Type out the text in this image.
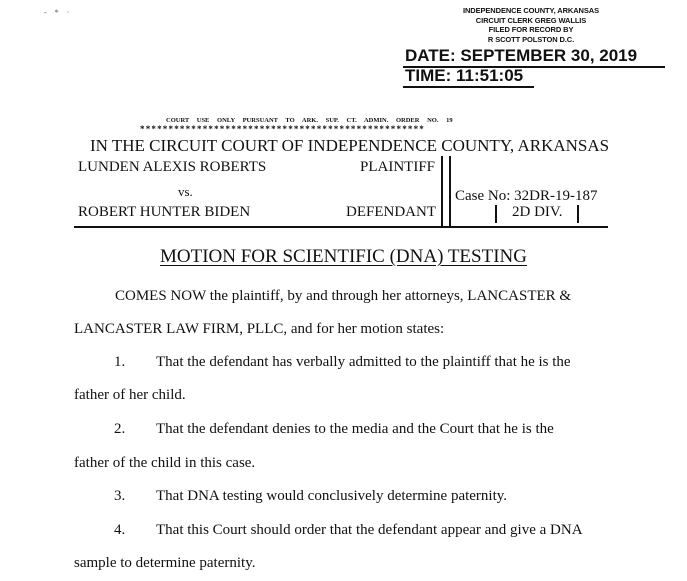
- * ·	INDEPENDENCE COUNTY, ARKANSAS
CIRCUIT CLERK GREG WALLIS
FILED FOR RECORD BY
R SCOTT POLSTON D.C.
DATE: SEPTEMBER 30, 2019
TIME: 11:51:05
COURT USE ONLY PURSUANT TO ARK. SUP. CT. ADMIN. ORDER NO. 19
**************************************************
IN THE CIRCUIT COURT OF INDEPENDENCE COUNTY, ARKANSAS
LUNDEN ALEXIS ROBERTS	PLAINTIFF
vs.
ROBERT HUNTER BIDEN	DEFENDANT
Case No: 32DR-19-187
2D DIV.
MOTION FOR SCIENTIFIC (DNA) TESTING
COMES NOW the plaintiff, by and through her attorneys, LANCASTER &
LANCASTER LAW FIRM, PLLC, and for her motion states:
1. That the defendant has verbally admitted to the plaintiff that he is the
father of her child.
2. That the defendant denies to the media and the Court that he is the
father of the child in this case.
3. That DNA testing would conclusively determine paternity.
4. That this Court should order that the defendant appear and give a DNA
sample to determine paternity.
